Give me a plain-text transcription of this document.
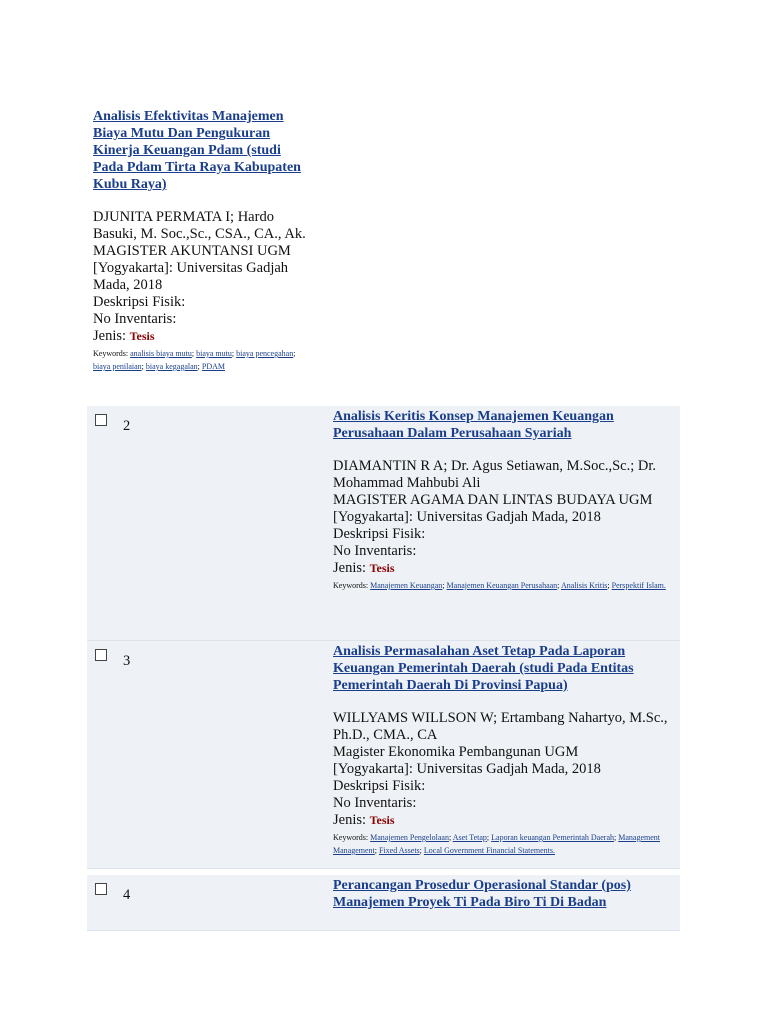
Analisis Efektivitas Manajemen Biaya Mutu Dan Pengukuran Kinerja Keuangan Pdam (studi Pada Pdam Tirta Raya Kabupaten Kubu Raya)
DJUNITA PERMATA I; Hardo Basuki, M. Soc.,Sc., CSA., CA., Ak.
MAGISTER AKUNTANSI UGM
[Yogyakarta]: Universitas Gadjah Mada, 2018
Deskripsi Fisik:
No Inventaris:
Jenis: Tesis
Keywords: analisis biaya mutu; biaya mutu; biaya pencegahan; biaya penilaian; biaya kegagalan; PDAM
2
Analisis Keritis Konsep Manajemen Keuangan Perusahaan Dalam Perusahaan Syariah
DIAMANTIN R A; Dr. Agus Setiawan, M.Soc.,Sc.; Dr. Mohammad Mahbubi Ali
MAGISTER AGAMA DAN LINTAS BUDAYA UGM
[Yogyakarta]: Universitas Gadjah Mada, 2018
Deskripsi Fisik:
No Inventaris:
Jenis: Tesis
Keywords: Manajemen Keuangan; Manajemen Keuangan Perusahaan; Analisis Kritis; Perspektif Islam.
3
Analisis Permasalahan Aset Tetap Pada Laporan Keuangan Pemerintah Daerah (studi Pada Entitas Pemerintah Daerah Di Provinsi Papua)
WILLYAMS WILLSON W; Ertambang Nahartyo, M.Sc., Ph.D., CMA., CA
Magister Ekonomika Pembangunan UGM
[Yogyakarta]: Universitas Gadjah Mada, 2018
Deskripsi Fisik:
No Inventaris:
Jenis: Tesis
Keywords: Manajemen Pengelolaan; Aset Tetap; Laporan keuangan Pemerintah Daerah; Management Management; Fixed Assets; Local Government Financial Statements.
4
Perancangan Prosedur Operasional Standar (pos) Manajemen Proyek Ti Pada Biro Ti Di Badan
